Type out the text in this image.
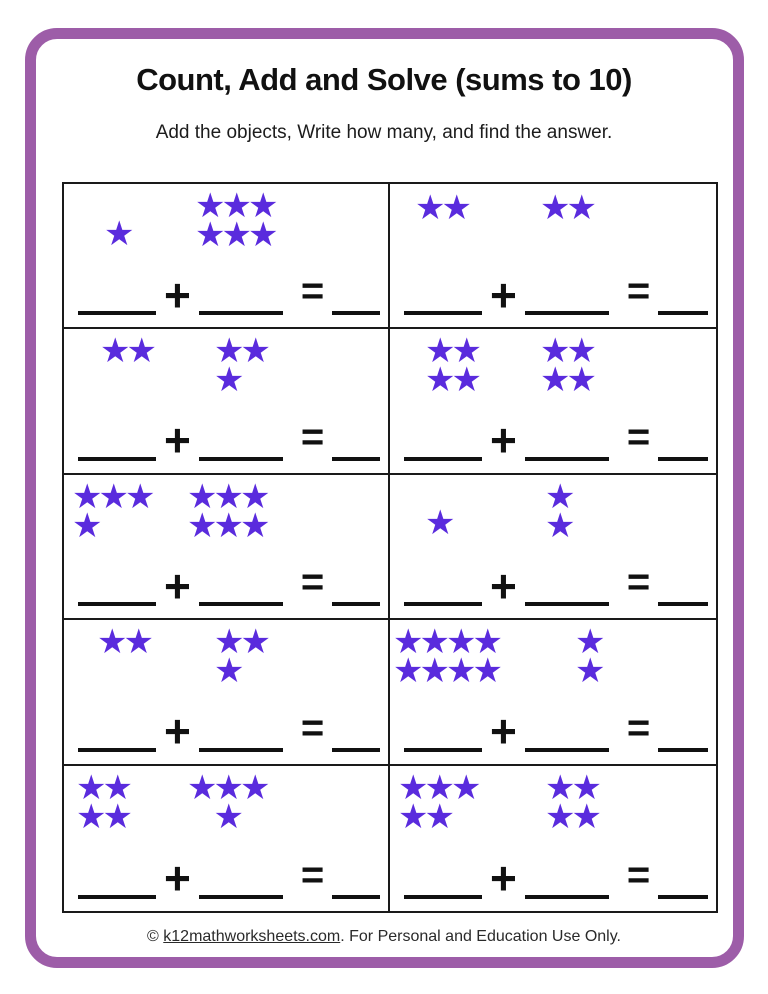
Count, Add and Solve (sums to 10)

Add the objects, Write how many, and find the answer.

★
★★★
★★★
+	=
★★ ★★
+	=
★★ ★★
★
+	=
★★
★★
★★
★★
+	=
★★★
★
★★★
★★★
+	=
★
★
★
+	=
★★ ★★
★
+	=
★★★★
★★★★
★
★
+	=
★★
★★
★★★
★
+	=
★★★
★★
★★
★★
+	=
© k12mathworksheets.com. For Personal and Education Use Only.
